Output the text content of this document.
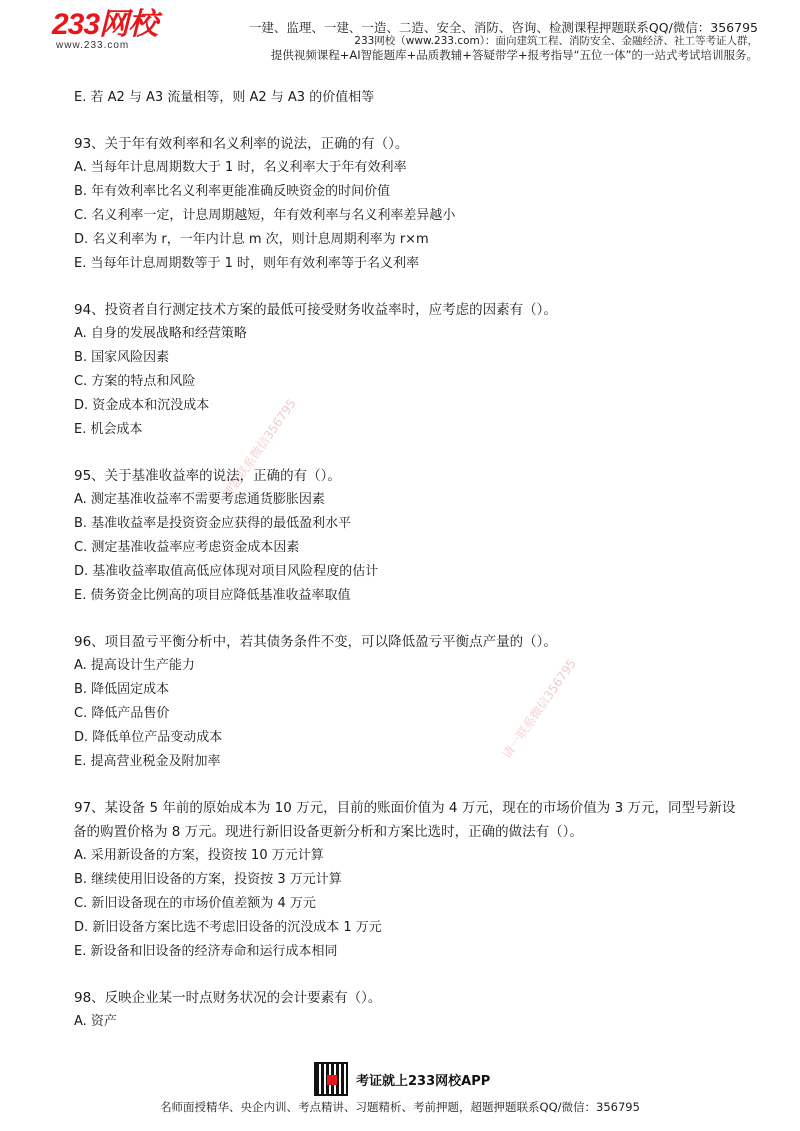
233网校
www.233.com
一建、监理、一建、一造、二造、安全、消防、咨询、检测课程押题联系QQ/微信：356795
233网校（www.233.com）：面向建筑工程、消防安全、金融经济、社工等考证人群，
提供视频课程+AI智能题库+品质教辅+答疑带学+报考指导“五位一体”的一站式考试培训服务。
E. 若 A2 与 A3 流量相等，则 A2 与 A3 的价值相等
93、关于年有效利率和名义利率的说法，正确的有（）。
A. 当每年计息周期数大于 1 时，名义利率大于年有效利率
B. 年有效利率比名义利率更能准确反映资金的时间价值
C. 名义利率一定，计息周期越短，年有效利率与名义利率差异越小
D. 名义利率为 r，一年内计息 m 次，则计息周期利率为 r×m
E. 当每年计息周期数等于 1 时，则年有效利率等于名义利率
94、投资者自行测定技术方案的最低可接受财务收益率时，应考虑的因素有（）。
A. 自身的发展战略和经营策略
B. 国家风险因素
C. 方案的特点和风险
D. 资金成本和沉没成本
E. 机会成本
95、关于基准收益率的说法，正确的有（）。
A. 测定基准收益率不需要考虑通货膨胀因素
B. 基准收益率是投资资金应获得的最低盈利水平
C. 测定基准收益率应考虑资金成本因素
D. 基准收益率取值高低应体现对项目风险程度的估计
E. 债务资金比例高的项目应降低基准收益率取值
96、项目盈亏平衡分析中，若其债务条件不变，可以降低盈亏平衡点产量的（）。
A. 提高设计生产能力
B. 降低固定成本
C. 降低产品售价
D. 降低单位产品变动成本
E. 提高营业税金及附加率
97、某设备 5 年前的原始成本为 10 万元，目前的账面价值为 4 万元，现在的市场价值为 3 万元，同型号新设
备的购置价格为 8 万元。现进行新旧设备更新分析和方案比选时，正确的做法有（）。
A. 采用新设备的方案，投资按 10 万元计算
B. 继续使用旧设备的方案，投资按 3 万元计算
C. 新旧设备现在的市场价值差额为 4 万元
D. 新旧设备方案比选不考虑旧设备的沉没成本 1 万元
E. 新设备和旧设备的经济寿命和运行成本相同
98、反映企业某一时点财务状况的会计要素有（）。
A. 资产
押题联系微信356795
请一联系微信356795
考证就上233网校APP
名师面授精华、央企内训、考点精讲、习题精析、考前押题，超题押题联系QQ/微信：356795
